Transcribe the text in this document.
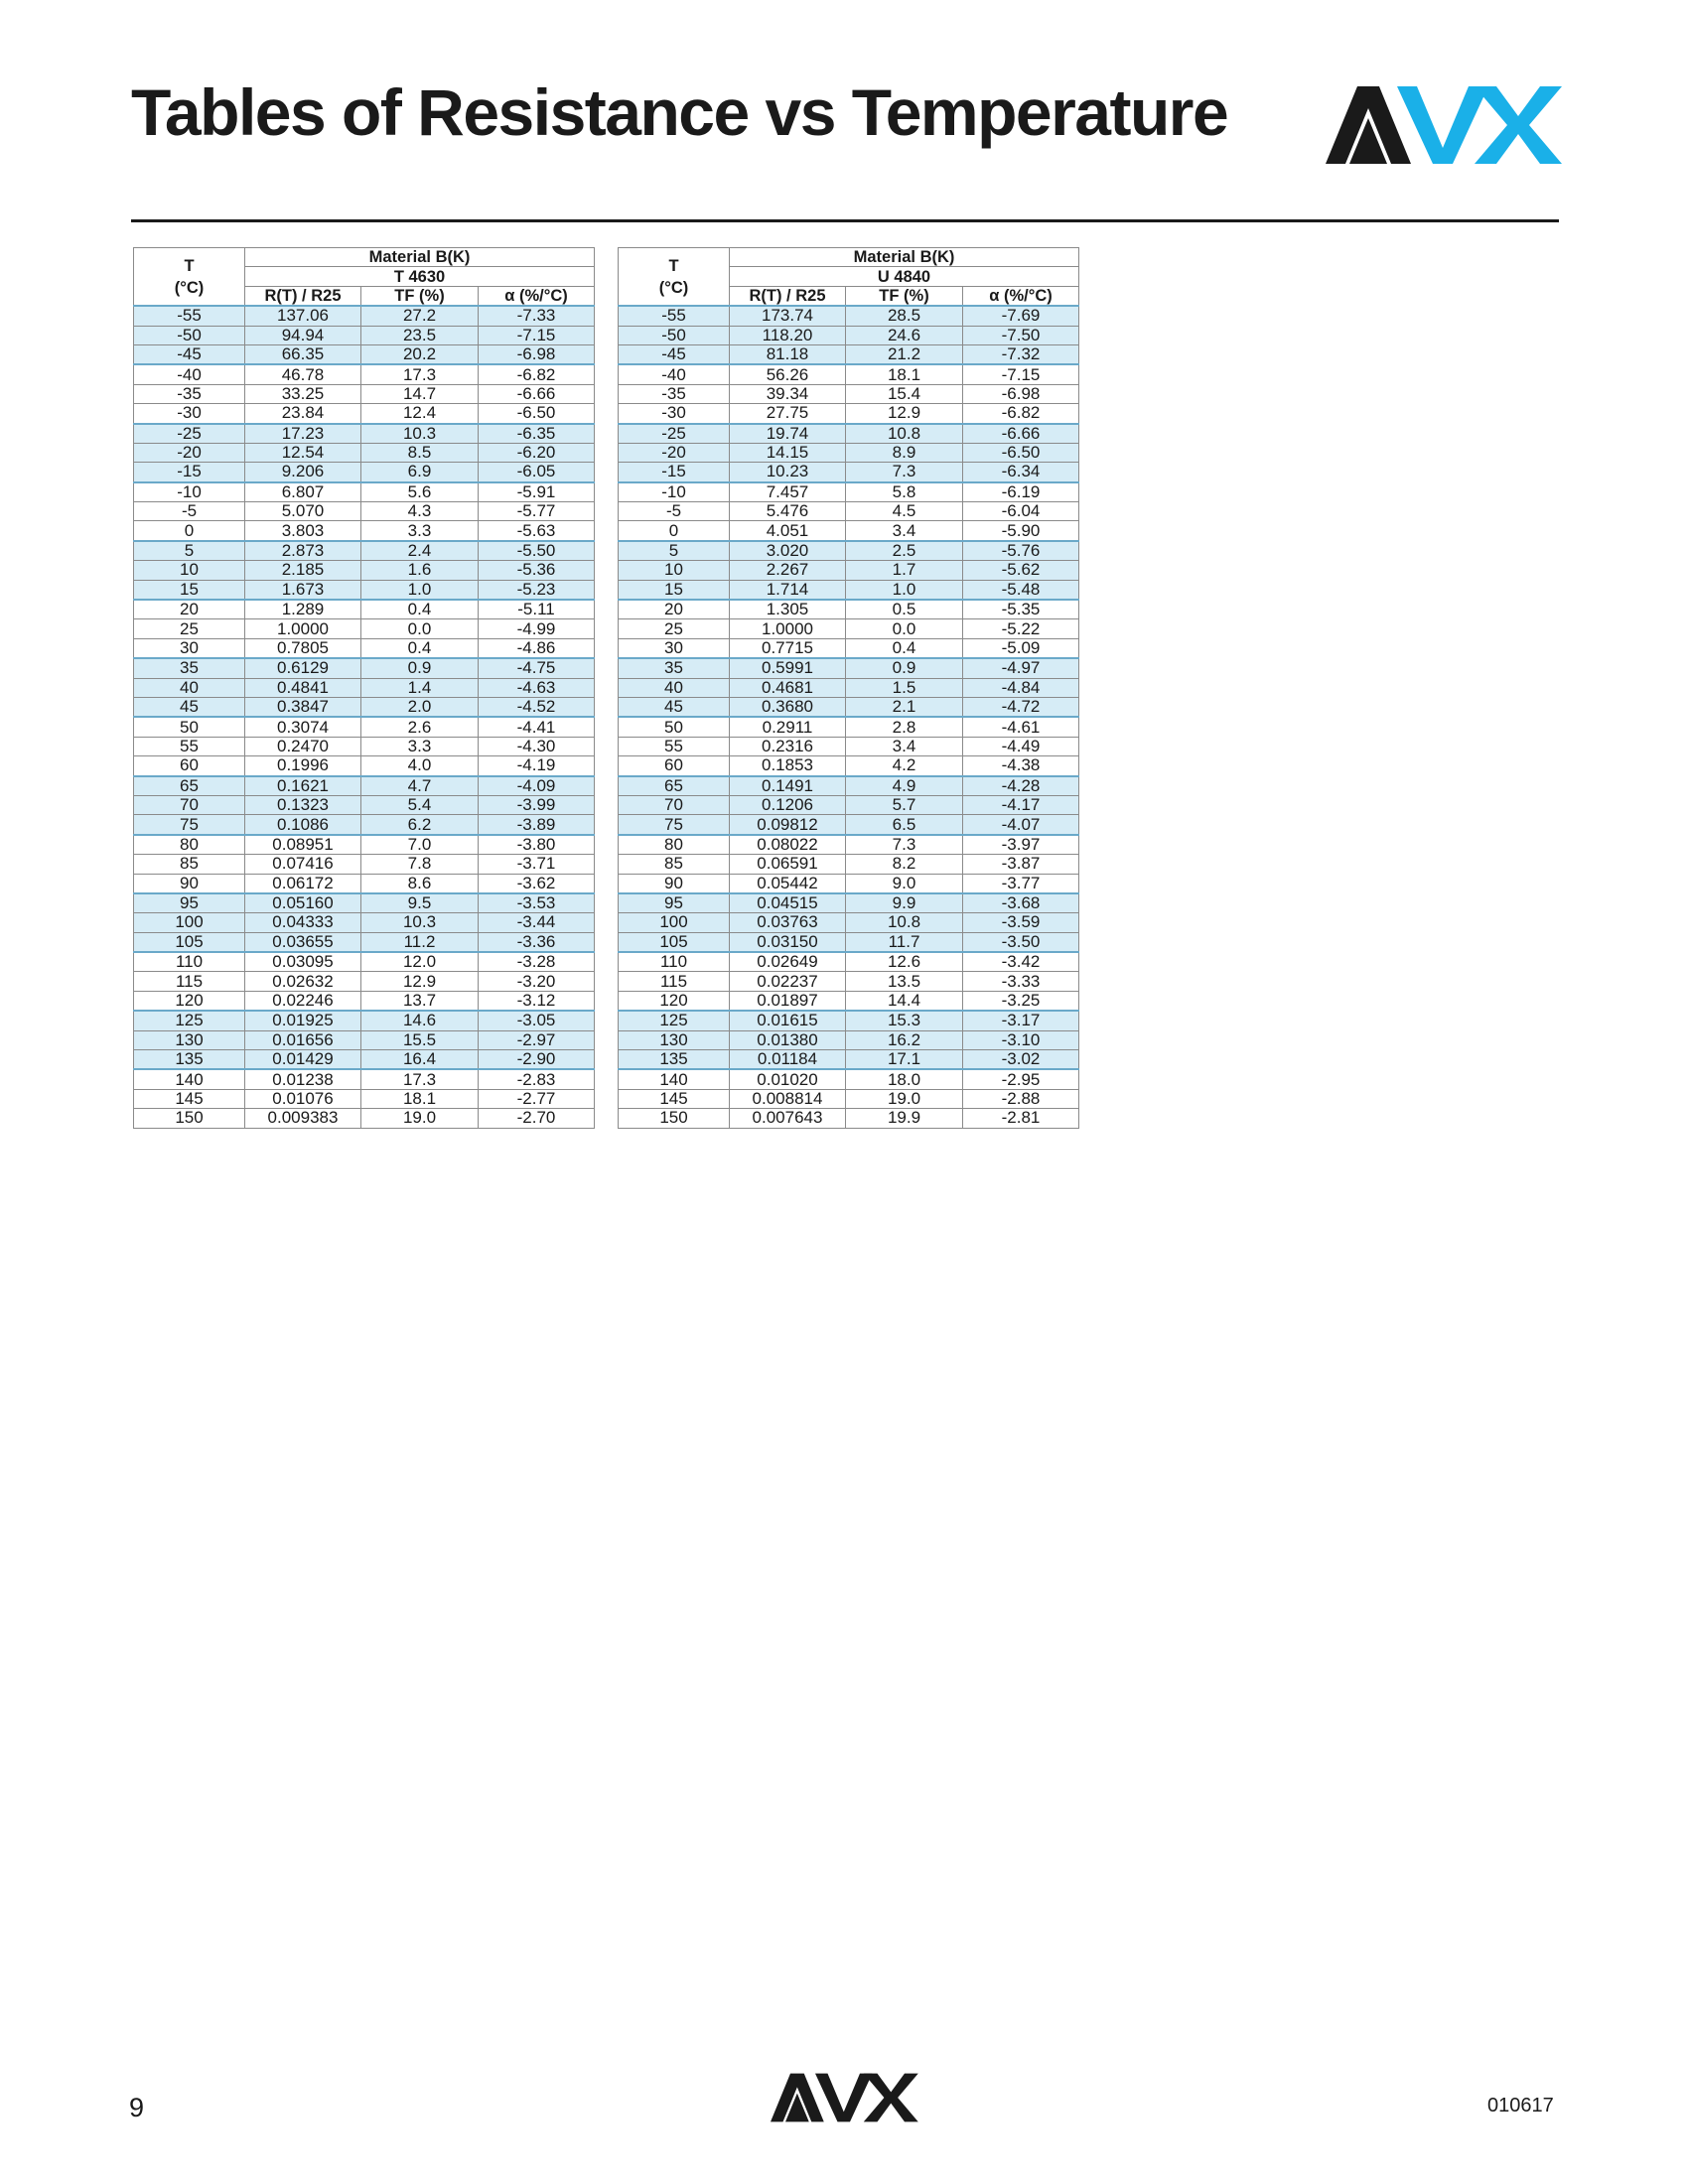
Tables of Resistance vs Temperature
T
(°C)	Material B(K)		
	T 4630		
	R(T) / R25	TF (%)	α (%/°C)
-55	137.06	27.2	-7.33
-50	94.94	23.5	-7.15
-45	66.35	20.2	-6.98
-40	46.78	17.3	-6.82
-35	33.25	14.7	-6.66
-30	23.84	12.4	-6.50
-25	17.23	10.3	-6.35
-20	12.54	8.5	-6.20
-15	9.206	6.9	-6.05
-10	6.807	5.6	-5.91
-5	5.070	4.3	-5.77
0	3.803	3.3	-5.63
5	2.873	2.4	-5.50
10	2.185	1.6	-5.36
15	1.673	1.0	-5.23
20	1.289	0.4	-5.11
25	1.0000	0.0	-4.99
30	0.7805	0.4	-4.86
35	0.6129	0.9	-4.75
40	0.4841	1.4	-4.63
45	0.3847	2.0	-4.52
50	0.3074	2.6	-4.41
55	0.2470	3.3	-4.30
60	0.1996	4.0	-4.19
65	0.1621	4.7	-4.09
70	0.1323	5.4	-3.99
75	0.1086	6.2	-3.89
80	0.08951	7.0	-3.80
85	0.07416	7.8	-3.71
90	0.06172	8.6	-3.62
95	0.05160	9.5	-3.53
100	0.04333	10.3	-3.44
105	0.03655	11.2	-3.36
110	0.03095	12.0	-3.28
115	0.02632	12.9	-3.20
120	0.02246	13.7	-3.12
125	0.01925	14.6	-3.05
130	0.01656	15.5	-2.97
135	0.01429	16.4	-2.90
140	0.01238	17.3	-2.83
145	0.01076	18.1	-2.77
150	0.009383	19.0	-2.70
T
(°C)	Material B(K)		
	U 4840		
	R(T) / R25	TF (%)	α (%/°C)
-55	173.74	28.5	-7.69
-50	118.20	24.6	-7.50
-45	81.18	21.2	-7.32
-40	56.26	18.1	-7.15
-35	39.34	15.4	-6.98
-30	27.75	12.9	-6.82
-25	19.74	10.8	-6.66
-20	14.15	8.9	-6.50
-15	10.23	7.3	-6.34
-10	7.457	5.8	-6.19
-5	5.476	4.5	-6.04
0	4.051	3.4	-5.90
5	3.020	2.5	-5.76
10	2.267	1.7	-5.62
15	1.714	1.0	-5.48
20	1.305	0.5	-5.35
25	1.0000	0.0	-5.22
30	0.7715	0.4	-5.09
35	0.5991	0.9	-4.97
40	0.4681	1.5	-4.84
45	0.3680	2.1	-4.72
50	0.2911	2.8	-4.61
55	0.2316	3.4	-4.49
60	0.1853	4.2	-4.38
65	0.1491	4.9	-4.28
70	0.1206	5.7	-4.17
75	0.09812	6.5	-4.07
80	0.08022	7.3	-3.97
85	0.06591	8.2	-3.87
90	0.05442	9.0	-3.77
95	0.04515	9.9	-3.68
100	0.03763	10.8	-3.59
105	0.03150	11.7	-3.50
110	0.02649	12.6	-3.42
115	0.02237	13.5	-3.33
120	0.01897	14.4	-3.25
125	0.01615	15.3	-3.17
130	0.01380	16.2	-3.10
135	0.01184	17.1	-3.02
140	0.01020	18.0	-2.95
145	0.008814	19.0	-2.88
150	0.007643	19.9	-2.81
9	010617
